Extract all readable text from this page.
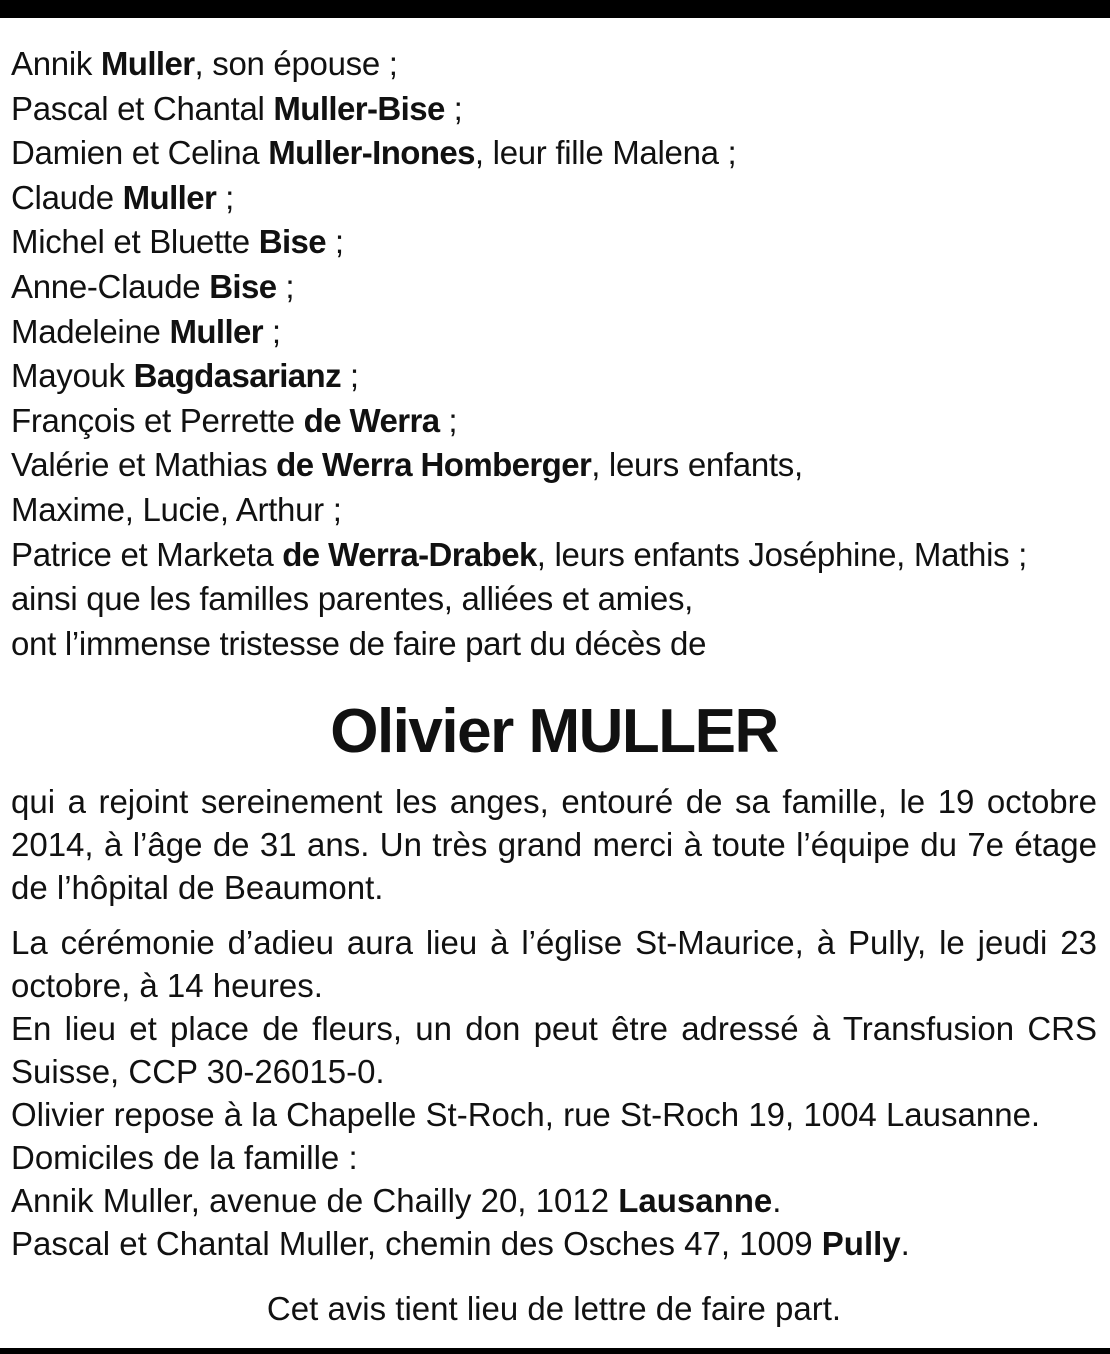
Annik Muller, son épouse ;
Pascal et Chantal Muller-Bise ;
Damien et Celina Muller-Inones, leur fille Malena ;
Claude Muller ;
Michel et Bluette Bise ;
Anne-Claude Bise ;
Madeleine Muller ;
Mayouk Bagdasarianz ;
François et Perrette de Werra ;
Valérie et Mathias de Werra Homberger, leurs enfants,
Maxime, Lucie, Arthur ;
Patrice et Marketa de Werra-Drabek, leurs enfants Joséphine, Mathis ;
ainsi que les familles parentes, alliées et amies,
ont l’immense tristesse de faire part du décès de
Olivier MULLER
qui a rejoint sereinement les anges, entouré de sa famille, le 19 octobre 2014, à l’âge de 31 ans. Un très grand merci à toute l’équipe du 7e étage de l’hôpital de Beaumont.
La cérémonie d’adieu aura lieu à l’église St-Maurice, à Pully, le jeudi 23 octobre, à 14 heures.
En lieu et place de fleurs, un don peut être adressé à Transfusion CRS Suisse, CCP 30-26015-0.
Olivier repose à la Chapelle St-Roch, rue St-Roch 19, 1004 Lausanne.
Domiciles de la famille :
Annik Muller, avenue de Chailly 20, 1012 Lausanne.
Pascal et Chantal Muller, chemin des Osches 47, 1009 Pully.
Cet avis tient lieu de lettre de faire part.
